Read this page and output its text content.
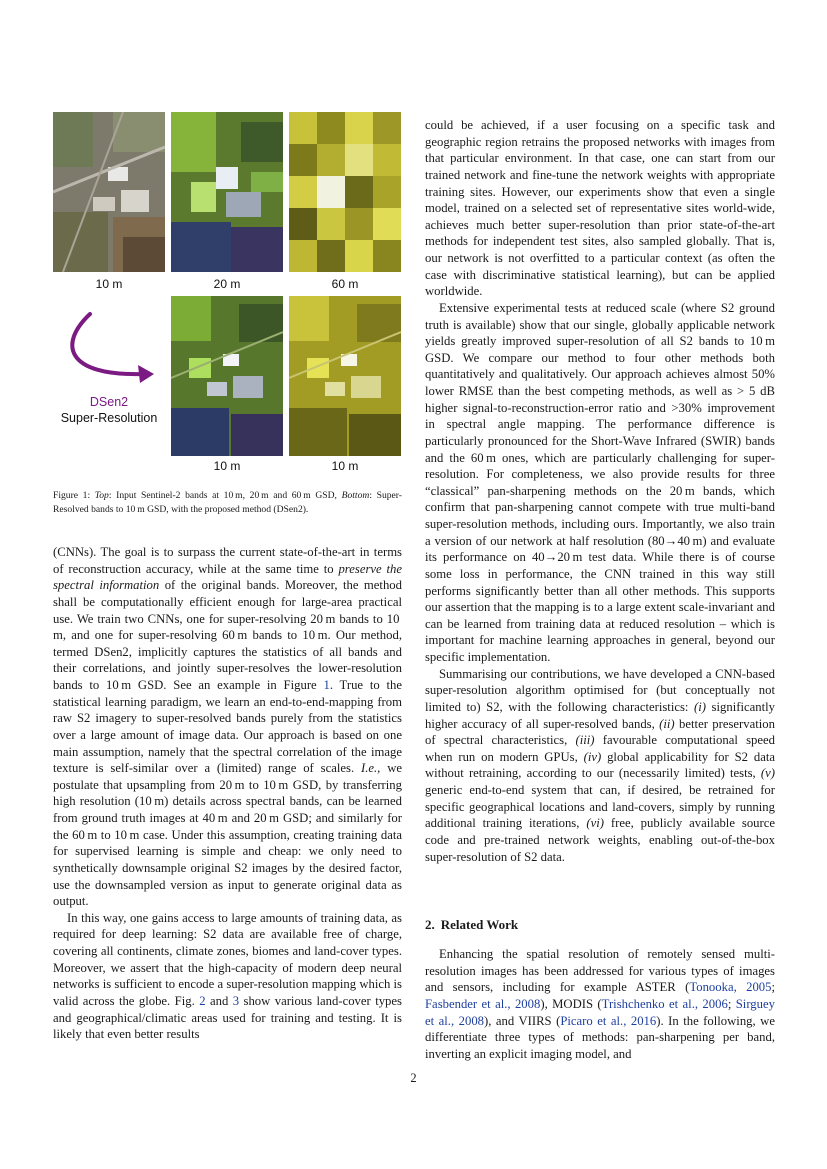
10 m	20 m	60 m
10 m	10 m
DSen2
Super-Resolution
Figure 1: Top: Input Sentinel-2 bands at 10 m, 20 m and 60 m GSD, Bottom: Super-Resolved bands to 10 m GSD, with the proposed method (DSen2).

(CNNs). The goal is to surpass the current state-of-the-art in terms of reconstruction accuracy, while at the same time to preserve the spectral information of the original bands. Moreover, the method shall be computationally efficient enough for large-area practical use. We train two CNNs, one for super-resolving 20 m bands to 10 m, and one for super-resolving 60 m bands to 10 m. Our method, termed DSen2, implicitly captures the statistics of all bands and their correlations, and jointly super-resolves the lower-resolution bands to 10 m GSD. See an example in Figure 1. True to the statistical learning paradigm, we learn an end-to-end-mapping from raw S2 imagery to super-resolved bands purely from the statistics over a large amount of image data. Our approach is based on one main assumption, namely that the spectral correlation of the image texture is self-similar over a (limited) range of scales. I.e., we postulate that upsampling from 20 m to 10 m GSD, by transferring high resolution (10 m) details across spectral bands, can be learned from ground truth images at 40 m and 20 m GSD; and similarly for the 60 m to 10 m case. Under this assumption, creating training data for supervised learning is simple and cheap: we only need to synthetically downsample original S2 images by the desired factor, use the downsampled version as input to generate original data as output.

In this way, one gains access to large amounts of training data, as required for deep learning: S2 data are available free of charge, covering all continents, climate zones, biomes and land-cover types. Moreover, we assert that the high-capacity of modern deep neural networks is sufficient to encode a super-resolution mapping which is valid across the globe. Fig. 2 and 3 show various land-cover types and geographical/climatic areas used for training and testing. It is likely that even better results

could be achieved, if a user focusing on a specific task and geographic region retrains the proposed networks with images from that particular environment. In that case, one can start from our trained network and fine-tune the network weights with appropriate training sites. However, our experiments show that even a single model, trained on a selected set of representative sites world-wide, achieves much better super-resolution than prior state-of-the-art methods for independent test sites, also sampled globally. That is, our network is not overfitted to a particular context (as often the case with discriminative statistical learning), but can be applied worldwide.

Extensive experimental tests at reduced scale (where S2 ground truth is available) show that our single, globally applicable network yields greatly improved super-resolution of all S2 bands to 10 m GSD. We compare our method to four other methods both quantitatively and qualitatively. Our approach achieves almost 50% lower RMSE than the best competing methods, as well as > 5 dB higher signal-to-reconstruction-error ratio and >30% improvement in spectral angle mapping. The performance difference is particularly pronounced for the Short-Wave Infrared (SWIR) bands and the 60 m ones, which are particularly challenging for super-resolution. For completeness, we also provide results for three “classical” pan-sharpening methods on the 20 m bands, which confirm that pan-sharpening cannot compete with true multi-band super-resolution methods, including ours. Importantly, we also train a version of our network at half resolution (80→40 m) and evaluate its performance on 40→20 m test data. While there is of course some loss in performance, the CNN trained in this way still performs significantly better than all other methods. This supports our assertion that the mapping is to a large extent scale-invariant and can be learned from training data at reduced resolution – which is important for machine learning approaches in general, beyond our specific implementation.

Summarising our contributions, we have developed a CNN-based super-resolution algorithm optimised for (but conceptually not limited to) S2, with the following characteristics: (i) significantly higher accuracy of all super-resolved bands, (ii) better preservation of spectral characteristics, (iii) favourable computational speed when run on modern GPUs, (iv) global applicability for S2 data without retraining, according to our (necessarily limited) tests, (v) generic end-to-end system that can, if desired, be retrained for specific geographical locations and land-covers, simply by running additional training iterations, (vi) free, publicly available source code and pre-trained network weights, enabling out-of-the-box super-resolution of S2 data.

2. Related Work

Enhancing the spatial resolution of remotely sensed multi-resolution images has been addressed for various types of images and sensors, including for example ASTER (Tonooka, 2005; Fasbender et al., 2008), MODIS (Trishchenko et al., 2006; Sirguey et al., 2008), and VIIRS (Picaro et al., 2016). In the following, we differentiate three types of methods: pan-sharpening per band, inverting an explicit imaging model, and

2
